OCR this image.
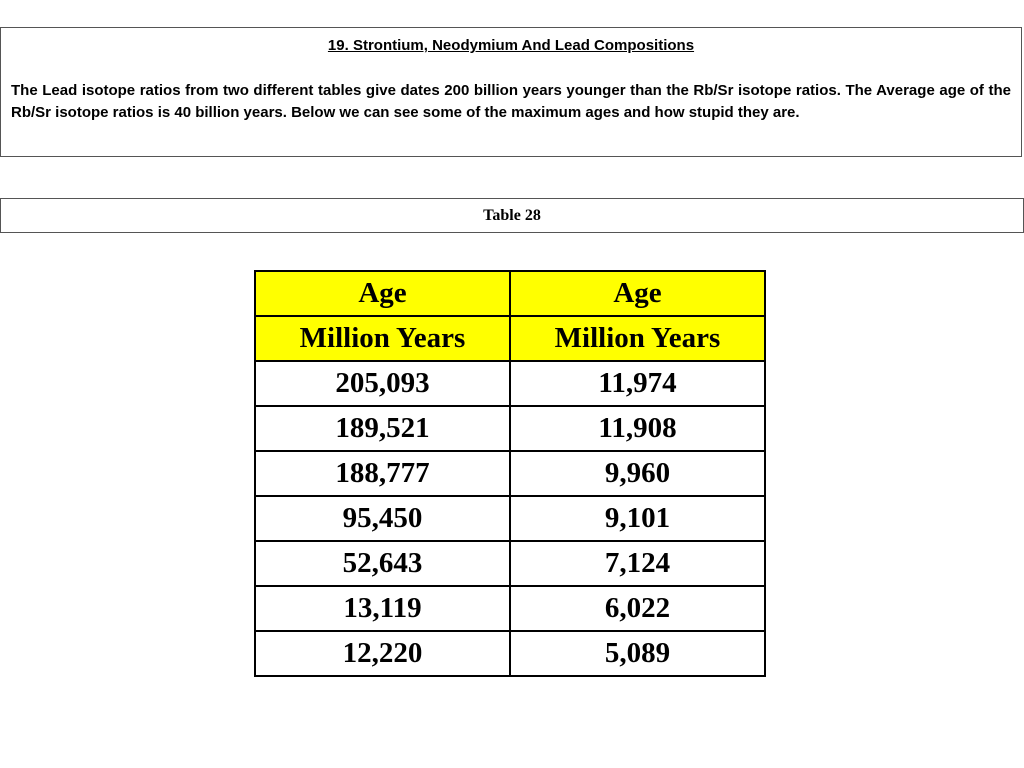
19. Strontium, Neodymium And Lead Compositions

The Lead isotope ratios from two different tables give dates 200 billion years younger than the Rb/Sr isotope ratios. The Average age of the Rb/Sr isotope ratios is 40 billion years. Below we can see some of the maximum ages and how stupid they are.

Table 28
Age	Age
Million Years	Million Years
205,093	11,974
189,521	11,908
188,777	9,960
95,450	9,101
52,643	7,124
13,119	6,022
12,220	5,089
